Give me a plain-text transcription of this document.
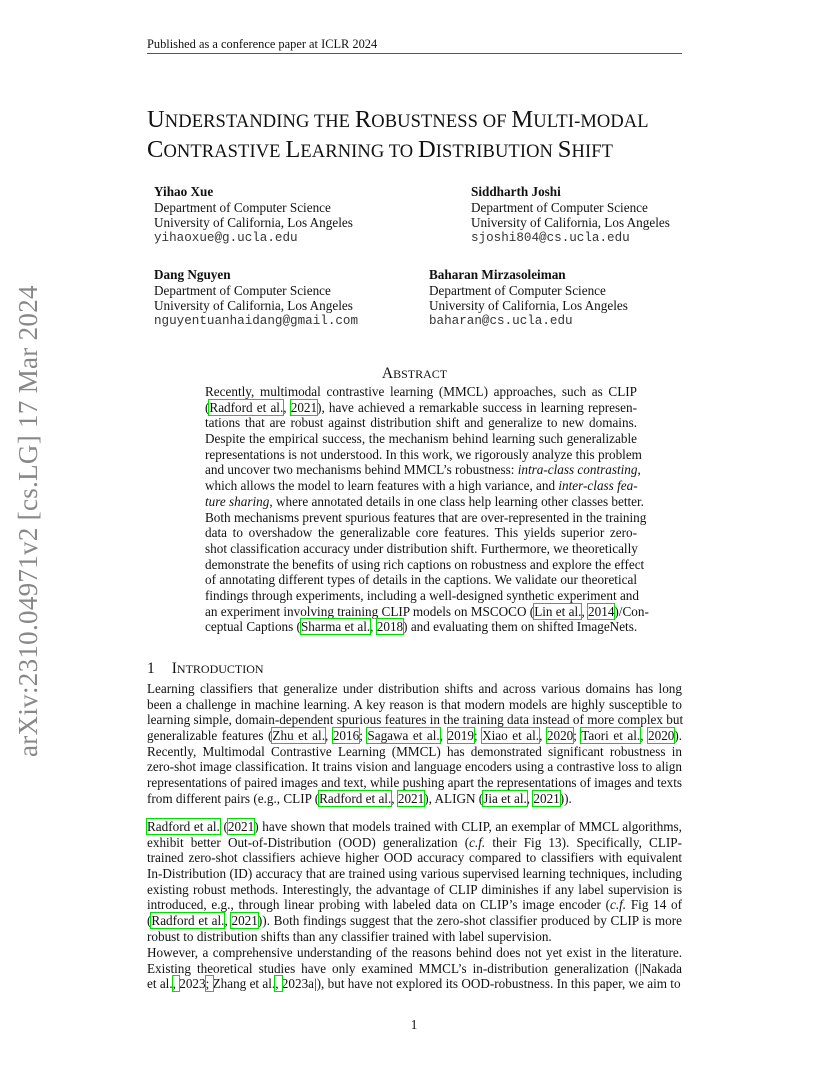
Published as a conference paper at ICLR 2024
UNDERSTANDING THE ROBUSTNESS OF MULTI-MODAL
CONTRASTIVE LEARNING TO DISTRIBUTION SHIFT
Yihao Xue
Department of Computer Science
University of California, Los Angeles
yihaoxue@g.ucla.edu
Siddharth Joshi
Department of Computer Science
University of California, Los Angeles
sjoshi804@cs.ucla.edu
Dang Nguyen
Department of Computer Science
University of California, Los Angeles
nguyentuanhaidang@gmail.com
Baharan Mirzasoleiman
Department of Computer Science
University of California, Los Angeles
baharan@cs.ucla.edu
ABSTRACT
Recently, multimodal contrastive learning (MMCL) approaches, such as CLIP
(Radford et al., 2021), have achieved a remarkable success in learning represen-
tations that are robust against distribution shift and generalize to new domains.
Despite the empirical success, the mechanism behind learning such generalizable
representations is not understood. In this work, we rigorously analyze this problem
and uncover two mechanisms behind MMCL’s robustness: intra-class contrasting,
which allows the model to learn features with a high variance, and inter-class fea-
ture sharing, where annotated details in one class help learning other classes better.
Both mechanisms prevent spurious features that are over-represented in the training
data to overshadow the generalizable core features. This yields superior zero-
shot classification accuracy under distribution shift. Furthermore, we theoretically
demonstrate the benefits of using rich captions on robustness and explore the effect
of annotating different types of details in the captions. We validate our theoretical
findings through experiments, including a well-designed synthetic experiment and
an experiment involving training CLIP models on MSCOCO (Lin et al., 2014)/Con-
ceptual Captions (Sharma et al., 2018) and evaluating them on shifted ImageNets.
1 INTRODUCTION
Learning classifiers that generalize under distribution shifts and across various domains has long
been a challenge in machine learning. A key reason is that modern models are highly susceptible to
learning simple, domain-dependent spurious features in the training data instead of more complex but
generalizable features (Zhu et al., 2016; Sagawa et al., 2019; Xiao et al., 2020; Taori et al., 2020).
Recently, Multimodal Contrastive Learning (MMCL) has demonstrated significant robustness in
zero-shot image classification. It trains vision and language encoders using a contrastive loss to align
representations of paired images and text, while pushing apart the representations of images and texts
from different pairs (e.g., CLIP (Radford et al., 2021), ALIGN (Jia et al., 2021)).
Radford et al. (2021) have shown that models trained with CLIP, an exemplar of MMCL algorithms,
exhibit better Out-of-Distribution (OOD) generalization (c.f. their Fig 13). Specifically, CLIP-
trained zero-shot classifiers achieve higher OOD accuracy compared to classifiers with equivalent
In-Distribution (ID) accuracy that are trained using various supervised learning techniques, including
existing robust methods. Interestingly, the advantage of CLIP diminishes if any label supervision is
introduced, e.g., through linear probing with labeled data on CLIP’s image encoder (c.f. Fig 14 of
(Radford et al., 2021)). Both findings suggest that the zero-shot classifier produced by CLIP is more
robust to distribution shifts than any classifier trained with label supervision.
However, a comprehensive understanding of the reasons behind does not yet exist in the literature.
Existing theoretical studies have only examined MMCL’s in-distribution generalization (|Nakada
et al., 2023; Zhang et al., 2023a|), but have not explored its OOD-robustness. In this paper, we aim to
1
arXiv:2310.04971v2 [cs.LG] 17 Mar 2024
